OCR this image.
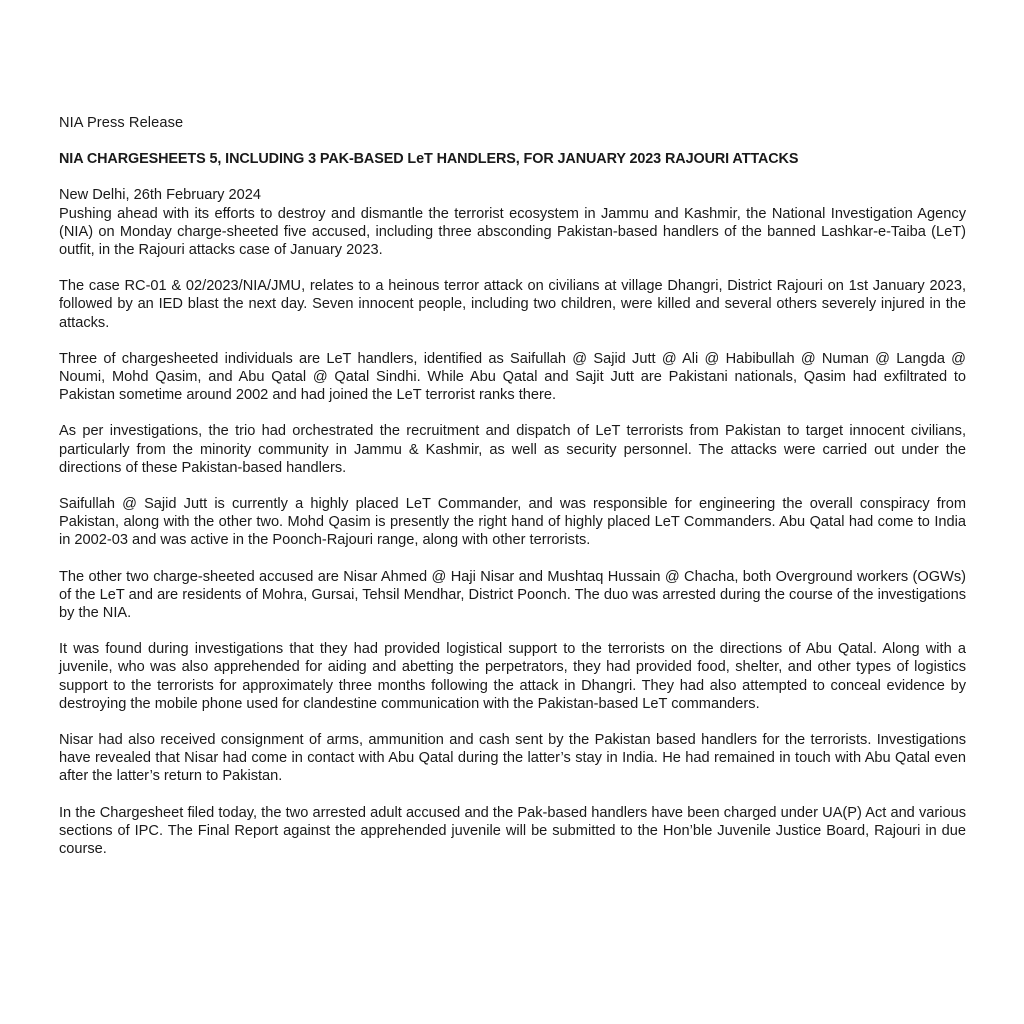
NIA Press Release

NIA CHARGESHEETS 5, INCLUDING 3 PAK-BASED LeT HANDLERS, FOR JANUARY 2023 RAJOURI ATTACKS

New Delhi, 26th February 2024

Pushing ahead with its efforts to destroy and dismantle the terrorist ecosystem in Jammu and Kashmir, the National Investigation Agency (NIA) on Monday charge-sheeted five accused, including three absconding Pakistan-based handlers of the banned Lashkar-e-Taiba (LeT) outfit, in the Rajouri attacks case of January 2023.

The case RC-01 & 02/2023/NIA/JMU, relates to a heinous terror attack on civilians at village Dhangri, District Rajouri on 1st January 2023, followed by an IED blast the next day. Seven innocent people, including two children, were killed and several others severely injured in the attacks.

Three of chargesheeted individuals are LeT handlers, identified as Saifullah @ Sajid Jutt @ Ali @ Habibullah @ Numan @ Langda @ Noumi, Mohd Qasim, and Abu Qatal @ Qatal Sindhi. While Abu Qatal and Sajit Jutt are Pakistani nationals, Qasim had exfiltrated to Pakistan sometime around 2002 and had joined the LeT terrorist ranks there.

As per investigations, the trio had orchestrated the recruitment and dispatch of LeT terrorists from Pakistan to target innocent civilians, particularly from the minority community in Jammu & Kashmir, as well as security personnel. The attacks were carried out under the directions of these Pakistan-based handlers.

Saifullah @ Sajid Jutt is currently a highly placed LeT Commander, and was responsible for engineering the overall conspiracy from Pakistan, along with the other two. Mohd Qasim is presently the right hand of highly placed LeT Commanders. Abu Qatal had come to India in 2002-03 and was active in the Poonch-Rajouri range, along with other terrorists.

The other two charge-sheeted accused are Nisar Ahmed @ Haji Nisar and Mushtaq Hussain @ Chacha, both Overground workers (OGWs) of the LeT and are residents of Mohra, Gursai, Tehsil Mendhar, District Poonch. The duo was arrested during the course of the investigations by the NIA.

It was found during investigations that they had provided logistical support to the terrorists on the directions of Abu Qatal. Along with a juvenile, who was also apprehended for aiding and abetting the perpetrators, they had provided food, shelter, and other types of logistics support to the terrorists for approximately three months following the attack in Dhangri. They had also attempted to conceal evidence by destroying the mobile phone used for clandestine communication with the Pakistan-based LeT commanders.

Nisar had also received consignment of arms, ammunition and cash sent by the Pakistan based handlers for the terrorists. Investigations have revealed that Nisar had come in contact with Abu Qatal during the latter’s stay in India. He had remained in touch with Abu Qatal even after the latter’s return to Pakistan.

In the Chargesheet filed today, the two arrested adult accused and the Pak-based handlers have been charged under UA(P) Act and various sections of IPC. The Final Report against the apprehended juvenile will be submitted to the Hon’ble Juvenile Justice Board, Rajouri in due course.
